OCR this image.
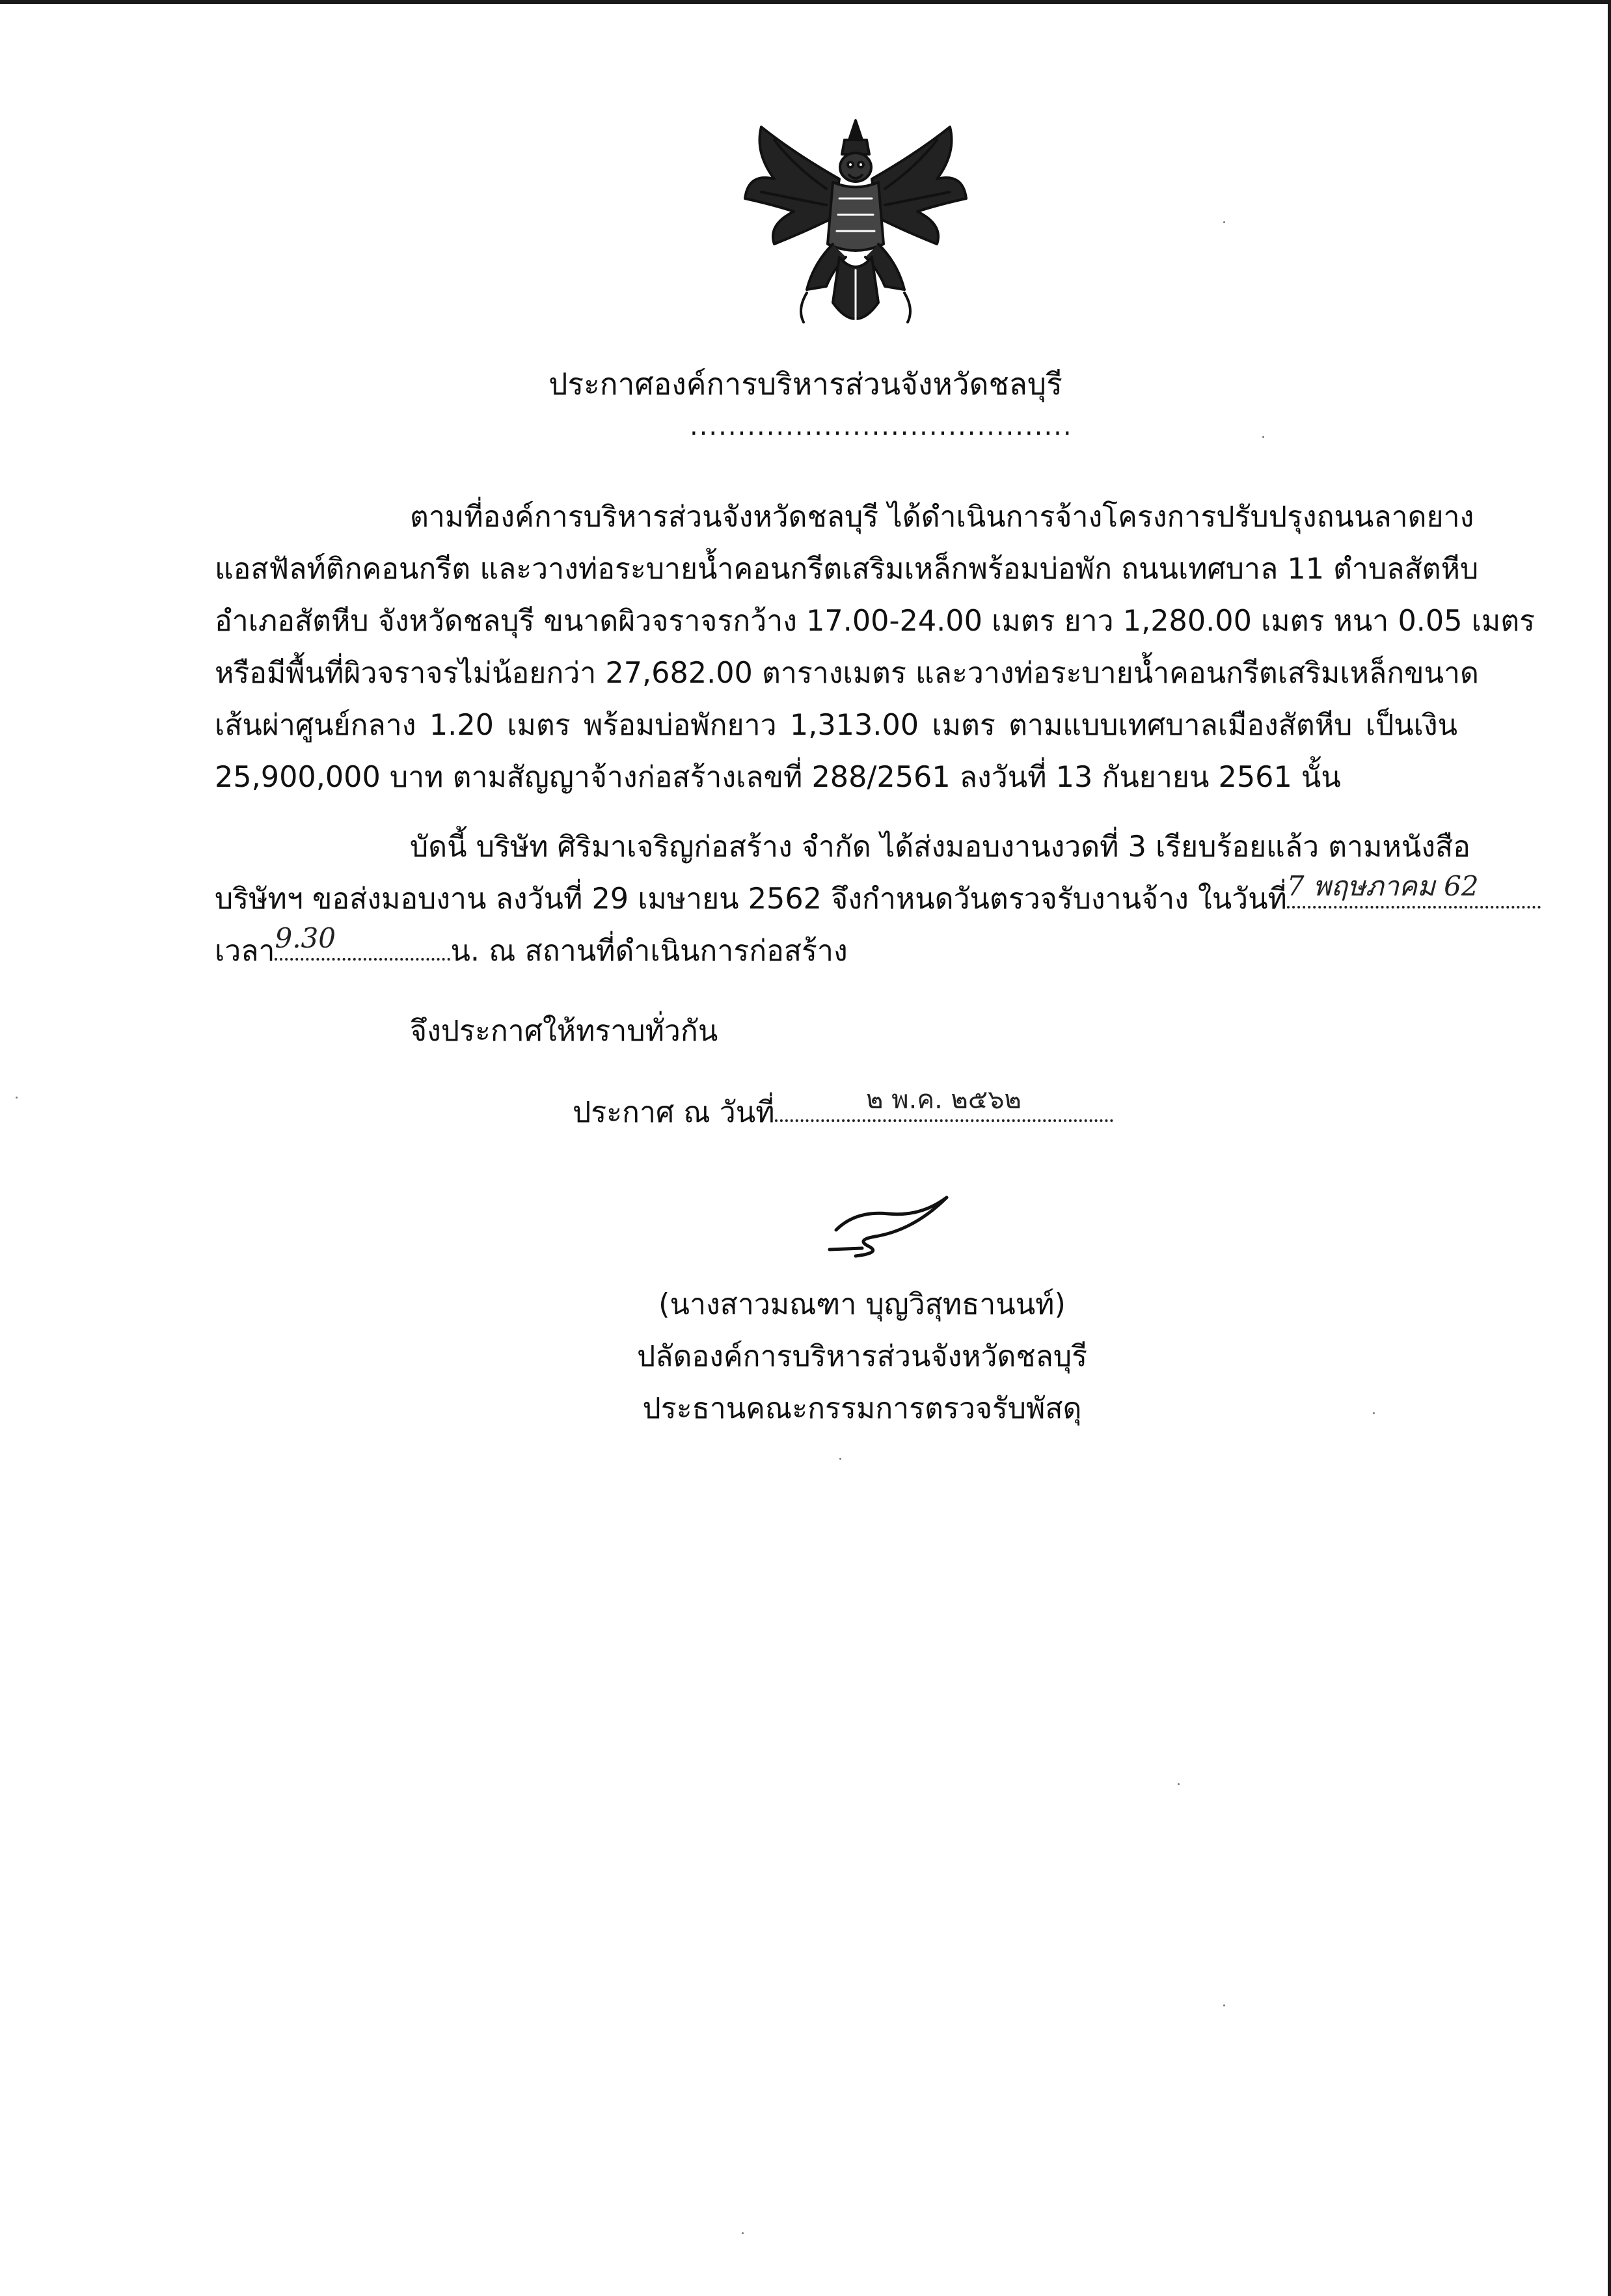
ประกาศองค์การบริหารส่วนจังหวัดชลบุรี
........................................
ตามที่องค์การบริหารส่วนจังหวัดชลบุรี ได้ดำเนินการจ้างโครงการปรับปรุงถนนลาดยาง
แอสฟัลท์ติกคอนกรีต และวางท่อระบายน้ำคอนกรีตเสริมเหล็กพร้อมบ่อพัก ถนนเทศบาล 11 ตำบลสัตหีบ
อำเภอสัตหีบ จังหวัดชลบุรี ขนาดผิวจราจรกว้าง 17.00-24.00 เมตร ยาว 1,280.00 เมตร หนา 0.05 เมตร
หรือมีพื้นที่ผิวจราจรไม่น้อยกว่า 27,682.00 ตารางเมตร และวางท่อระบายน้ำคอนกรีตเสริมเหล็กขนาด
เส้นผ่าศูนย์กลาง 1.20 เมตร พร้อมบ่อพักยาว 1,313.00 เมตร ตามแบบเทศบาลเมืองสัตหีบ เป็นเงิน
25,900,000 บาท ตามสัญญาจ้างก่อสร้างเลขที่ 288/2561 ลงวันที่ 13 กันยายน 2561 นั้น
บัดนี้ บริษัท ศิริมาเจริญก่อสร้าง จำกัด ได้ส่งมอบงานงวดที่ 3 เรียบร้อยแล้ว ตามหนังสือ
บริษัทฯ ขอส่งมอบงาน ลงวันที่ 29 เมษายน 2562 จึงกำหนดวันตรวจรับงานจ้าง ในวันที่ 7 พฤษภาคม 62
เวลา 9.30	น. ณ สถานที่ดำเนินการก่อสร้าง
จึงประกาศให้ทราบทั่วกัน
ประกาศ ณ วันที่	๒ พ.ค. ๒๕๖๒
(นางสาวมณฑา บุญวิสุทธานนท์)
ปลัดองค์การบริหารส่วนจังหวัดชลบุรี
ประธานคณะกรรมการตรวจรับพัสดุ
